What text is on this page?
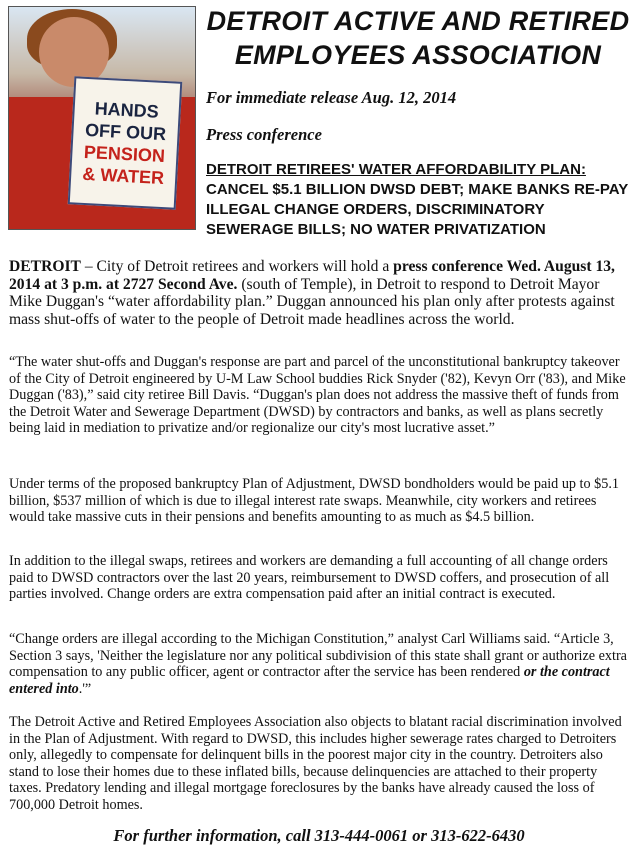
HANDS
OFF OUR
PENSION
& WATER
DETROIT ACTIVE AND RETIRED
EMPLOYEES ASSOCIATION
For immediate release Aug. 12, 2014
Press conference
DETROIT RETIREES' WATER AFFORDABILITY PLAN:
CANCEL $5.1 BILLION DWSD DEBT; MAKE BANKS RE-PAY ILLEGAL CHANGE ORDERS, DISCRIMINATORY SEWERAGE BILLS; NO WATER PRIVATIZATION
DETROIT – City of Detroit retirees and workers will hold a press conference Wed. August 13, 2014 at 3 p.m. at 2727 Second Ave. (south of Temple), in Detroit to respond to Detroit Mayor Mike Duggan's “water affordability plan.” Duggan announced his plan only after protests against mass shut-offs of water to the people of Detroit made headlines across the world.
“The water shut-offs and Duggan's response are part and parcel of the unconstitutional bankruptcy takeover of the City of Detroit engineered by U-M Law School buddies Rick Snyder ('82), Kevyn Orr ('83), and Mike Duggan ('83),” said city retiree Bill Davis. “Duggan's plan does not address the massive theft of funds from the Detroit Water and Sewerage Department (DWSD) by contractors and banks, as well as plans secretly being laid in mediation to privatize and/or regionalize our city's most lucrative asset.”
Under terms of the proposed bankruptcy Plan of Adjustment, DWSD bondholders would be paid up to $5.1 billion, $537 million of which is due to illegal interest rate swaps. Meanwhile, city workers and retirees would take massive cuts in their pensions and benefits amounting to as much as $4.5 billion.
In addition to the illegal swaps, retirees and workers are demanding a full accounting of all change orders paid to DWSD contractors over the last 20 years, reimbursement to DWSD coffers, and prosecution of all parties involved. Change orders are extra compensation paid after an initial contract is executed.
“Change orders are illegal according to the Michigan Constitution,” analyst Carl Williams said. “Article 3, Section 3 says, 'Neither the legislature nor any political subdivision of this state shall grant or authorize extra compensation to any public officer, agent or contractor after the service has been rendered or the contract entered into.'”
The Detroit Active and Retired Employees Association also objects to blatant racial discrimination involved in the Plan of Adjustment. With regard to DWSD, this includes higher sewerage rates charged to Detroiters only, allegedly to compensate for delinquent bills in the poorest major city in the country. Detroiters also stand to lose their homes due to these inflated bills, because delinquencies are attached to their property taxes. Predatory lending and illegal mortgage foreclosures by the banks have already caused the loss of 700,000 Detroit homes.
For further information, call 313-444-0061 or 313-622-6430
